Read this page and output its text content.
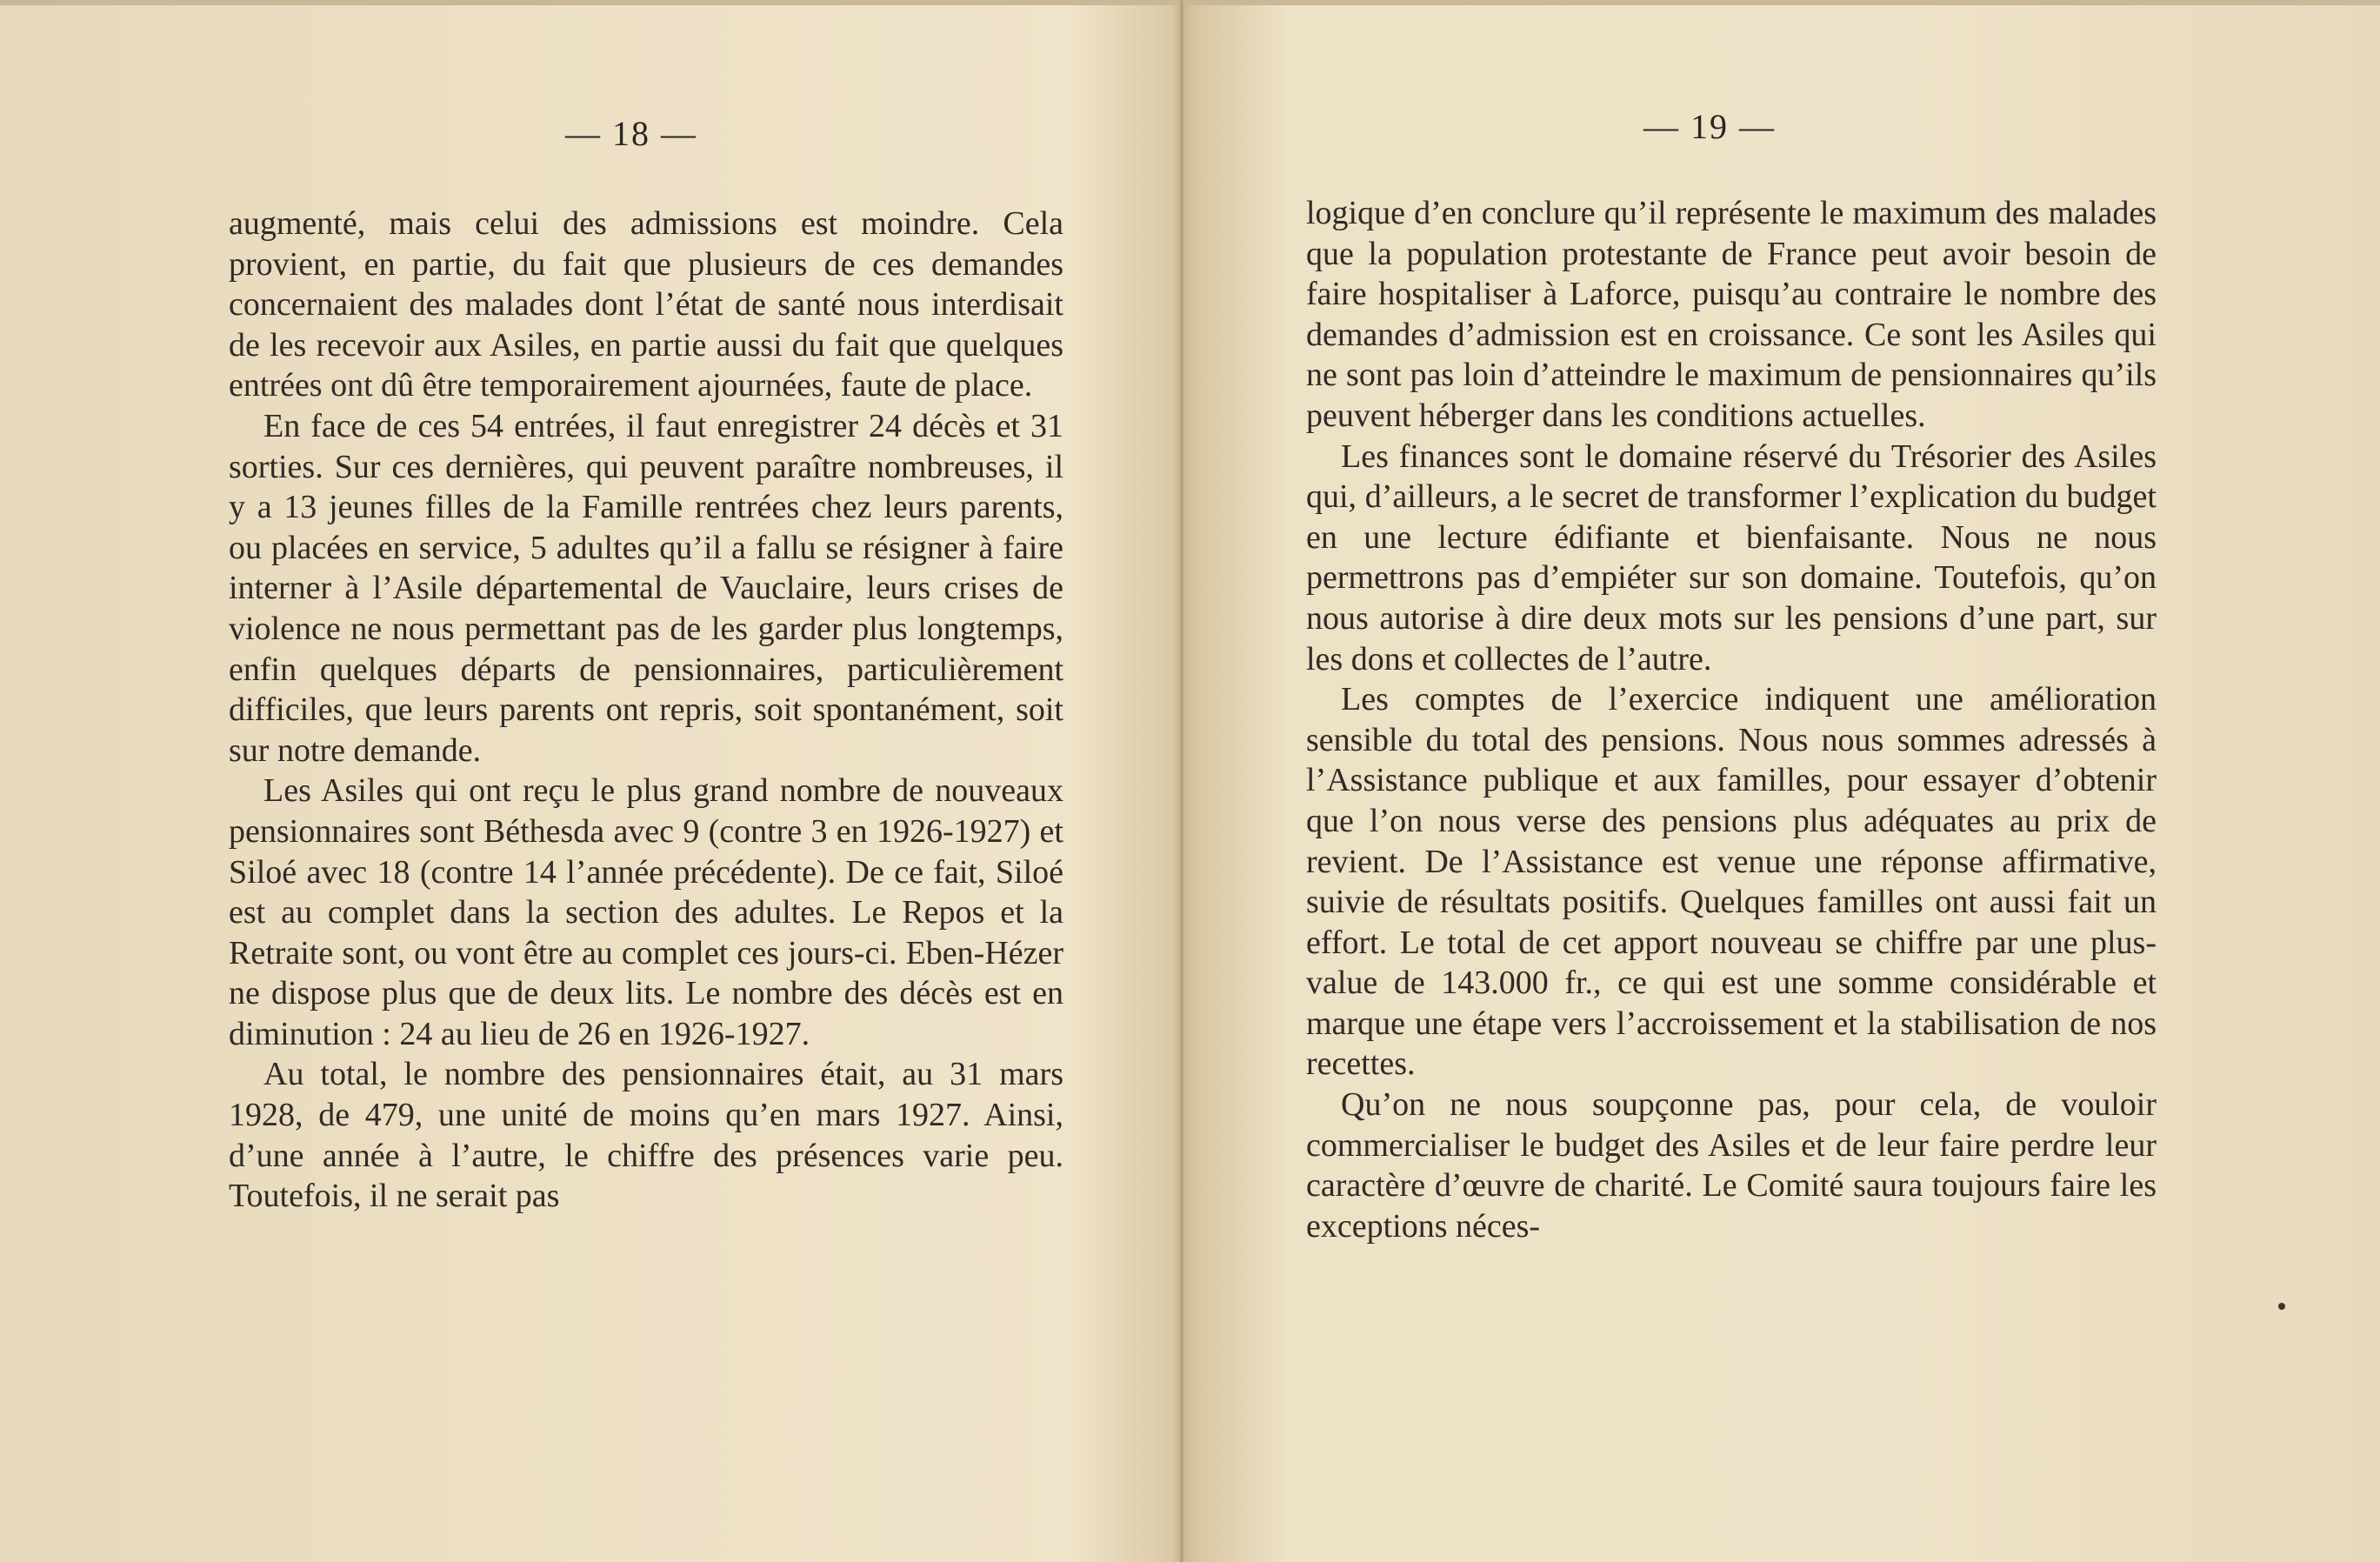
— 18 —

augmenté, mais celui des admissions est moindre. Cela provient, en partie, du fait que plusieurs de ces demandes concernaient des malades dont l’état de santé nous interdisait de les recevoir aux Asiles, en partie aussi du fait que quelques entrées ont dû être temporairement ajournées, faute de place.

En face de ces 54 entrées, il faut enregistrer 24 décès et 31 sorties. Sur ces dernières, qui peuvent paraître nombreuses, il y a 13 jeunes filles de la Famille rentrées chez leurs parents, ou placées en service, 5 adultes qu’il a fallu se résigner à faire interner à l’Asile départemental de Vauclaire, leurs crises de violence ne nous permettant pas de les garder plus longtemps, enfin quelques départs de pensionnaires, particulièrement difficiles, que leurs parents ont repris, soit spontanément, soit sur notre demande.

Les Asiles qui ont reçu le plus grand nombre de nouveaux pensionnaires sont Béthesda avec 9 (contre 3 en 1926-1927) et Siloé avec 18 (contre 14 l’année précédente). De ce fait, Siloé est au complet dans la section des adultes. Le Repos et la Retraite sont, ou vont être au complet ces jours-ci. Eben-Hézer ne dispose plus que de deux lits. Le nombre des décès est en diminution : 24 au lieu de 26 en 1926-1927.

Au total, le nombre des pensionnaires était, au 31 mars 1928, de 479, une unité de moins qu’en mars 1927. Ainsi, d’une année à l’autre, le chiffre des présences varie peu. Toutefois, il ne serait pas

— 19 —

logique d’en conclure qu’il représente le maximum des malades que la population protestante de France peut avoir besoin de faire hospitaliser à Laforce, puisqu’au contraire le nombre des demandes d’admission est en croissance. Ce sont les Asiles qui ne sont pas loin d’atteindre le maximum de pensionnaires qu’ils peuvent héberger dans les conditions actuelles.

Les finances sont le domaine réservé du Trésorier des Asiles qui, d’ailleurs, a le secret de transformer l’explication du budget en une lecture édifiante et bienfaisante. Nous ne nous permettrons pas d’empiéter sur son domaine. Toutefois, qu’on nous autorise à dire deux mots sur les pensions d’une part, sur les dons et collectes de l’autre.

Les comptes de l’exercice indiquent une amélioration sensible du total des pensions. Nous nous sommes adressés à l’Assistance publique et aux familles, pour essayer d’obtenir que l’on nous verse des pensions plus adéquates au prix de revient. De l’Assistance est venue une réponse affirmative, suivie de résultats positifs. Quelques familles ont aussi fait un effort. Le total de cet apport nouveau se chiffre par une plus-value de 143.000 fr., ce qui est une somme considérable et marque une étape vers l’accroissement et la stabilisation de nos recettes.

Qu’on ne nous soupçonne pas, pour cela, de vouloir commercialiser le budget des Asiles et de leur faire perdre leur caractère d’œuvre de charité. Le Comité saura toujours faire les exceptions néces-
